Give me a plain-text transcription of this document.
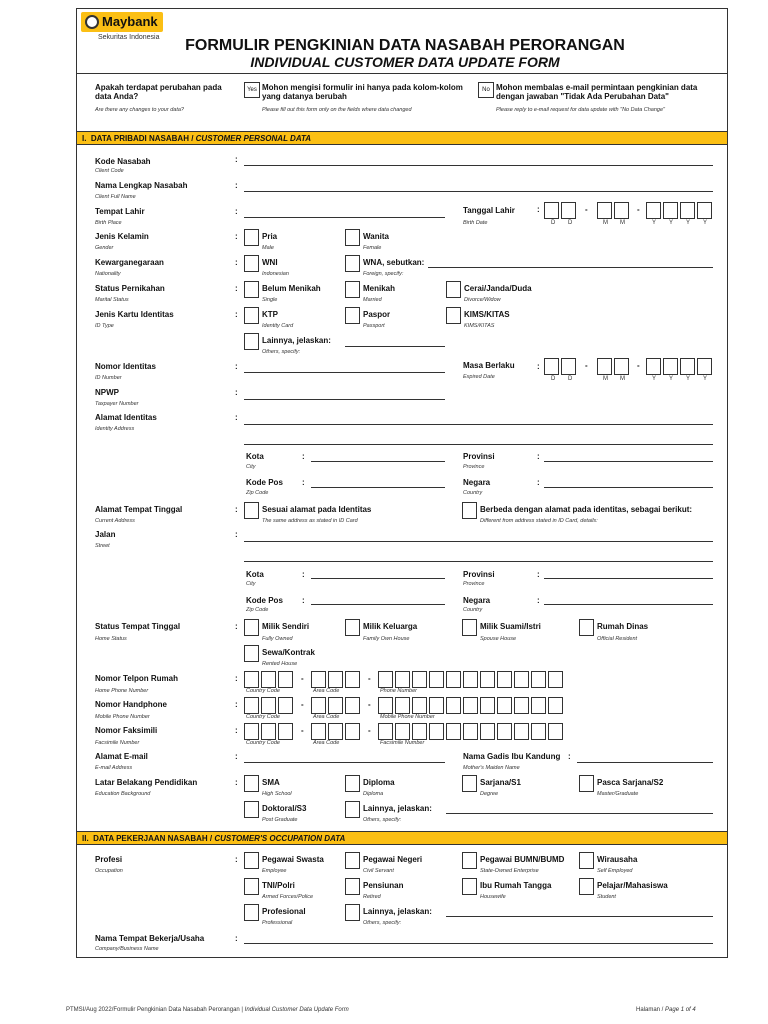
Maybank
Sekuritas Indonesia	FORMULIR PENGKINIAN DATA NASABAH PERORANGAN
INDIVIDUAL CUSTOMER DATA UPDATE FORM
Apakah terdapat perubahan pada data Anda?
Are there any changes to your data?
Yes Mohon mengisi formulir ini hanya pada kolom-kolom yang datanya berubah
Please fill out this form only on the fields where data changed
No Mohon membalas e-mail permintaan pengkinian data dengan jawaban "Tidak Ada Perubahan Data"
Please reply to e-mail request for data update with "No Data Change"
I. DATA PRIBADI NASABAH / CUSTOMER PERSONAL DATA
Kode Nasabah
Client Code
:
Nama Lengkap Nasabah
Client Full Name
:
Tempat Lahir
Birth Place
:	Tanggal Lahir
Birth Date
:	-	-
D D	M M	Y Y Y Y
Jenis Kelamin
Gender
:	Pria
Male
Wanita
Female
Kewarganegaraan
Nationality
:	WNI
Indonesian
WNA, sebutkan:
Foreign, specify:
Status Pernikahan
Marital Status
:	Belum Menikah
Single
Menikah
Married
Cerai/Janda/Duda
Divorce/Widow
Jenis Kartu Identitas
ID Type
:	KTP
Identity Card
Paspor
Passport
KIMS/KITAS
KIMS/KITAS
Lainnya, jelaskan:
Others, specify:
Nomor Identitas
ID Number
:	Masa Berlaku
Expired Date
:	-	-
D D	M M	Y Y Y Y
NPWP
Taxpayer Number
:
Alamat Identitas
Identity Address
:
Kota
City
:	Provinsi
Province
:
Kode Pos
Zip Code
:	Negara
Country
:
Alamat Tempat Tinggal
Current Address
:	Sesuai alamat pada Identitas
The same address as stated in ID Card
Berbeda dengan alamat pada identitas, sebagai berikut:
Different from address stated in ID Card, details:
Jalan
Street
:
Kota
City
:	Provinsi
Province
:
Kode Pos
Zip Code
:	Negara
Country
:
Status Tempat Tinggal
Home Status
:	Milik Sendiri
Fully Owned
Milik Keluarga
Family Own House
Milik Suami/Istri
Spouse House
Rumah Dinas
Official Resident
Sewa/Kontrak
Rented House
Nomor Telpon Rumah
Home Phone Number
:	-	-
Country Code	Area Code	Phone Number
Nomor Handphone
Mobile Phone Number
:	-	-
Country Code	Area Code	Mobile Phone Number
Nomor Faksimili
Facsimile Number
:	-	-
Country Code	Area Code	Facsimile Number
Alamat E-mail
E-mail Address
:	Nama Gadis Ibu Kandung
Mother's Maiden Name
:
Latar Belakang Pendidikan
Education Background
:	SMA
High School
Diploma
Diploma
Sarjana/S1
Degree
Pasca Sarjana/S2
Master/Graduate
Doktoral/S3
Post Graduate
Lainnya, jelaskan:
Others, specify:
II. DATA PEKERJAAN NASABAH / CUSTOMER'S OCCUPATION DATA
Profesi
Occupation
:	Pegawai Swasta
Employee
Pegawai Negeri
Civil Servant
Pegawai BUMN/BUMD
State-Owned Enterprise
Wirausaha
Self Employed
TNI/Polri
Armed Forces/Police
Pensiunan
Retired
Ibu Rumah Tangga
Housewife
Pelajar/Mahasiswa
Student
Profesional
Professional
Lainnya, jelaskan:
Others, specify:
Nama Tempat Bekerja/Usaha
Company/Business Name
:
PTMSI/Aug 2022/Formulir Pengkinian Data Nasabah Perorangan | Individual Customer Data Update Form	Halaman / Page 1 of 4
